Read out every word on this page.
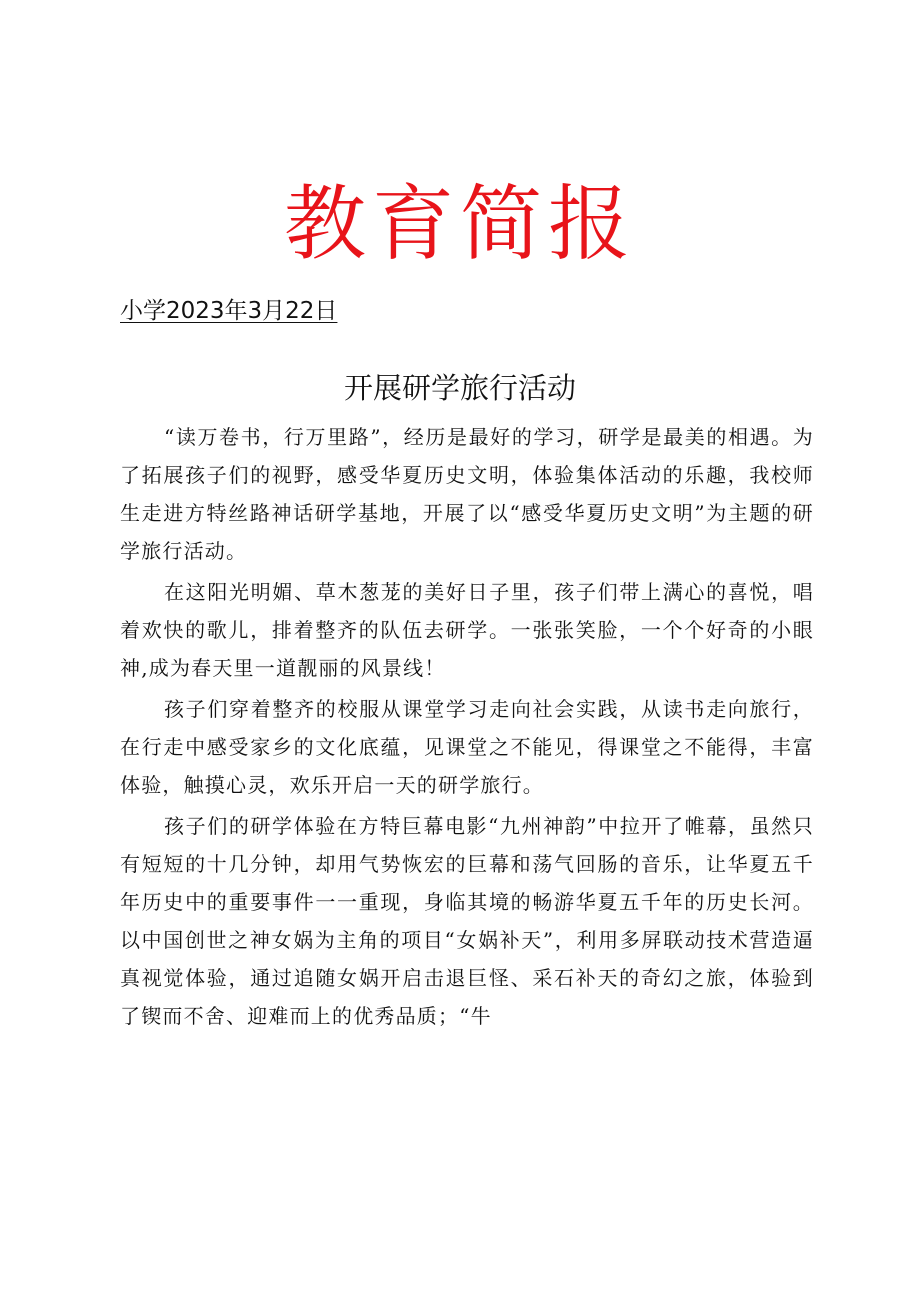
教育简报
小学2023年3月22日
开展研学旅行活动

“读万卷书，行万里路”，经历是最好的学习，研学是最美的相遇。为了拓展孩子们的视野，感受华夏历史文明，体验集体活动的乐趣，我校师生走进方特丝路神话研学基地，开展了以“感受华夏历史文明”为主题的研学旅行活动。

在这阳光明媚、草木葱茏的美好日子里，孩子们带上满心的喜悦，唱着欢快的歌儿，排着整齐的队伍去研学。一张张笑脸，一个个好奇的小眼神,成为春天里一道靓丽的风景线！

孩子们穿着整齐的校服从课堂学习走向社会实践，从读书走向旅行，在行走中感受家乡的文化底蕴，见课堂之不能见，得课堂之不能得，丰富体验，触摸心灵，欢乐开启一天的研学旅行。

孩子们的研学体验在方特巨幕电影“九州神韵”中拉开了帷幕，虽然只有短短的十几分钟，却用气势恢宏的巨幕和荡气回肠的音乐，让华夏五千年历史中的重要事件一一重现，身临其境的畅游华夏五千年的历史长河。以中国创世之神女娲为主角的项目“女娲补天”，利用多屏联动技术营造逼真视觉体验，通过追随女娲开启击退巨怪、采石补天的奇幻之旅，体验到了锲而不舍、迎难而上的优秀品质；“牛
